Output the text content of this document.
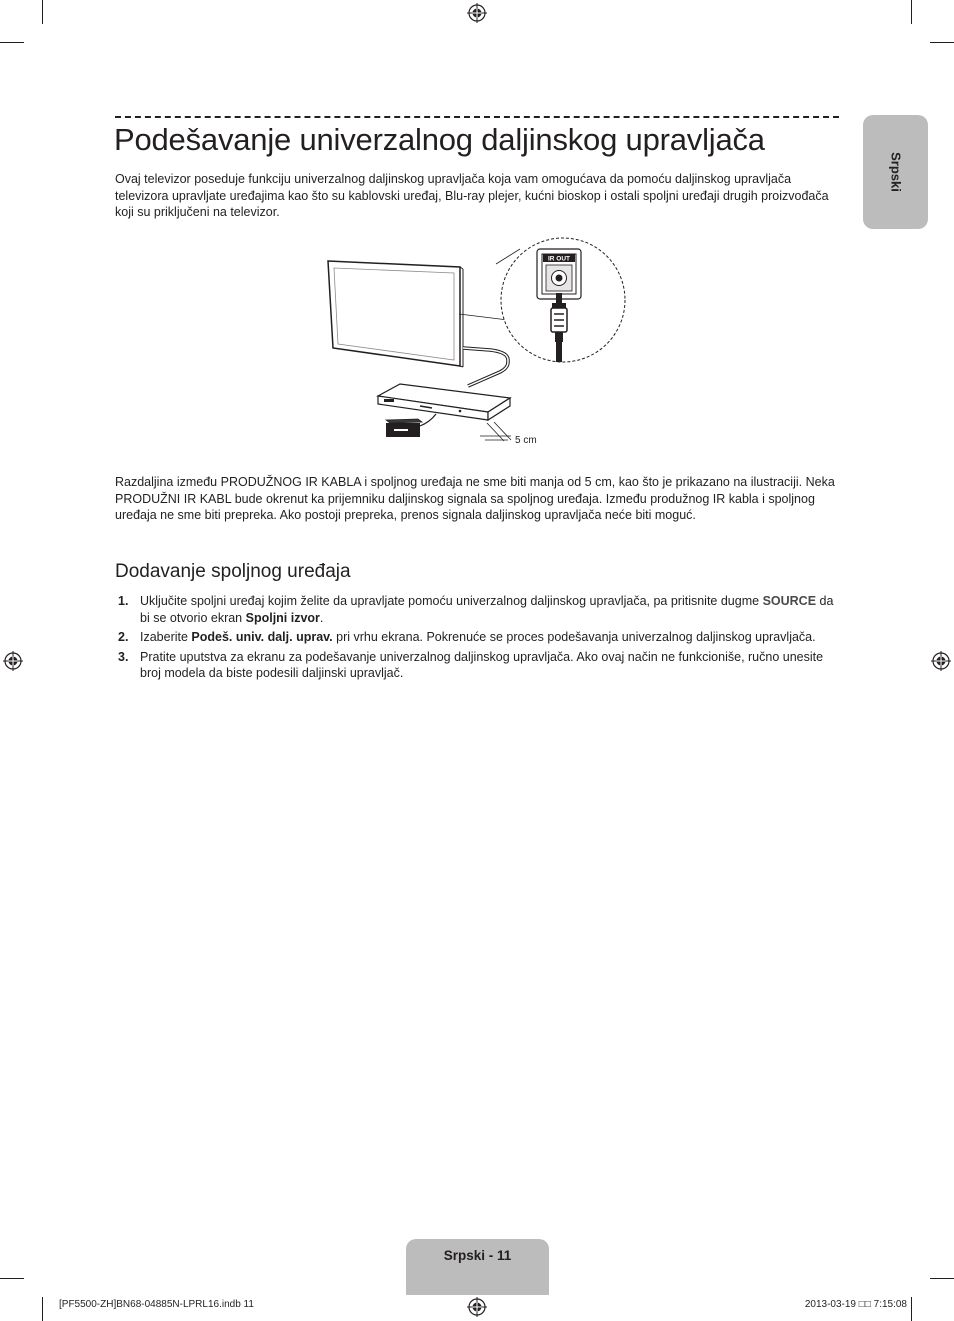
Srpski
Podešavanje univerzalnog daljinskog upravljača

Ovaj televizor poseduje funkciju univerzalnog daljinskog upravljača koja vam omogućava da pomoću daljinskog upravljača televizora upravljate uređajima kao što su kablovski uređaj, Blu-ray plejer, kućni bioskop i ostali spoljni uređaji drugih proizvođača koji su priključeni na televizor.

5 cm
IR OUT

Razdaljina između PRODUŽNOG IR KABLA i spoljnog uređaja ne sme biti manja od 5 cm, kao što je prikazano na ilustraciji. Neka PRODUŽNI IR KABL bude okrenut ka prijemniku daljinskog signala sa spoljnog uređaja. Između produžnog IR kabla i spoljnog uređaja ne sme biti prepreka. Ako postoji prepreka, prenos signala daljinskog upravljača neće biti moguć.

Dodavanje spoljnog uređaja
1. Uključite spoljni uređaj kojim želite da upravljate pomoću univerzalnog daljinskog upravljača, pa pritisnite dugme SOURCE da bi se otvorio ekran Spoljni izvor.
2. Izaberite Podeš. univ. dalj. uprav. pri vrhu ekrana. Pokrenuće se proces podešavanja univerzalnog daljinskog upravljača.
3. Pratite uputstva za ekranu za podešavanje univerzalnog daljinskog upravljača. Ako ovaj način ne funkcioniše, ručno unesite broj modela da biste podesili daljinski upravljač.
Srpski - 11
[PF5500-ZH]BN68-04885N-LPRL16.indb 11	2013-03-19 □□ 7:15:08
